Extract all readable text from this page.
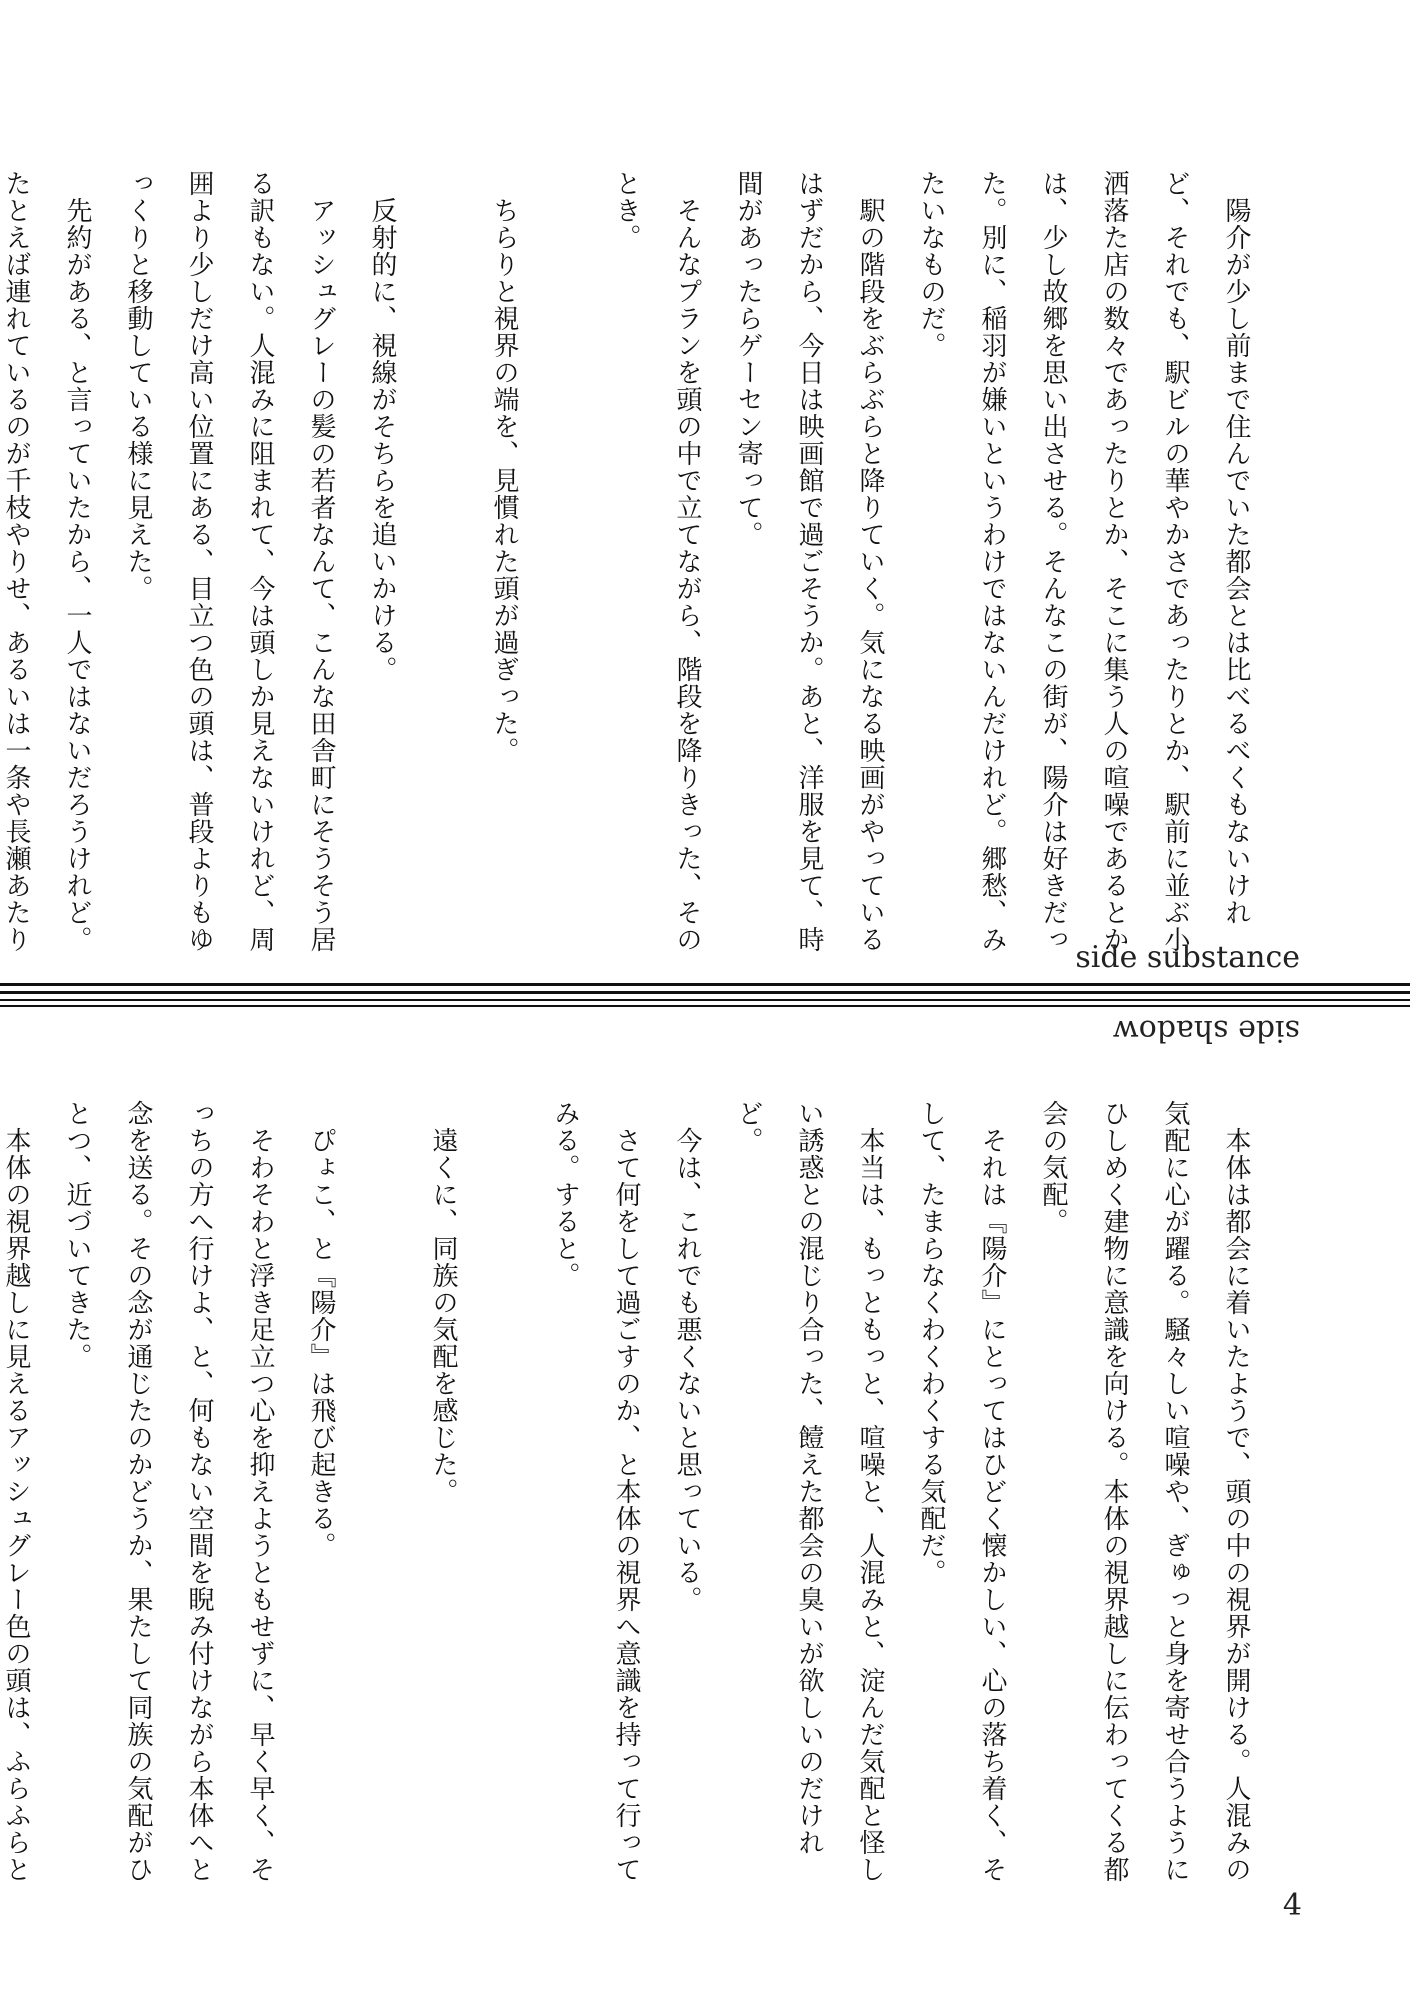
　陽介が少し前まで住んでいた都会とは比べるべくもないけれど、それでも、駅ビルの華やかさであったりとか、駅前に並ぶ小洒落た店の数々であったりとか、そこに集う人の喧噪であるとかは、少し故郷を思い出させる。そんなこの街が、陽介は好きだった。別に、稲羽が嫌いというわけではないんだけれど。郷愁、みたいなものだ。

　駅の階段をぶらぶらと降りていく。気になる映画がやっているはずだから、今日は映画館で過ごそうか。あと、洋服を見て、時間があったらゲーセン寄って。

　そんなプランを頭の中で立てながら、階段を降りきった、そのとき。

　ちらりと視界の端を、見慣れた頭が過ぎった。

　反射的に、視線がそちらを追いかける。

　アッシュグレーの髪の若者なんて、こんな田舎町にそうそう居る訳もない。人混みに阻まれて、今は頭しか見えないけれど、周囲より少しだけ高い位置にある、目立つ色の頭は、普段よりもゆっくりと移動している様に見えた。

　先約がある、と言っていたから、一人ではないだろうけれど。たとえば連れているのが千枝やりせ、あるいは一条や長瀬あたり

side substance
side shadow

　本体は都会に着いたようで、頭の中の視界が開ける。人混みの気配に心が躍る。騒々しい喧噪や、ぎゅっと身を寄せ合うようにひしめく建物に意識を向ける。本体の視界越しに伝わってくる都会の気配。

　それは『陽介』にとってはひどく懐かしい、心の落ち着く、そして、たまらなくわくわくする気配だ。

　本当は、もっともっと、喧噪と、人混みと、淀んだ気配と怪しい誘惑との混じり合った、饐えた都会の臭いが欲しいのだけれど。

　今は、これでも悪くないと思っている。

　さて何をして過ごすのか、と本体の視界へ意識を持って行ってみる。すると。

　遠くに、同族の気配を感じた。

　ぴょこ、と『陽介』は飛び起きる。

　そわそわと浮き足立つ心を抑えようともせずに、早く早く、そっちの方へ行けよ、と、何もない空間を睨み付けながら本体へと念を送る。その念が通じたのかどうか、果たして同族の気配がひとつ、近づいてきた。

　本体の視界越しに見えるアッシュグレー色の頭は、ふらふらと

4
